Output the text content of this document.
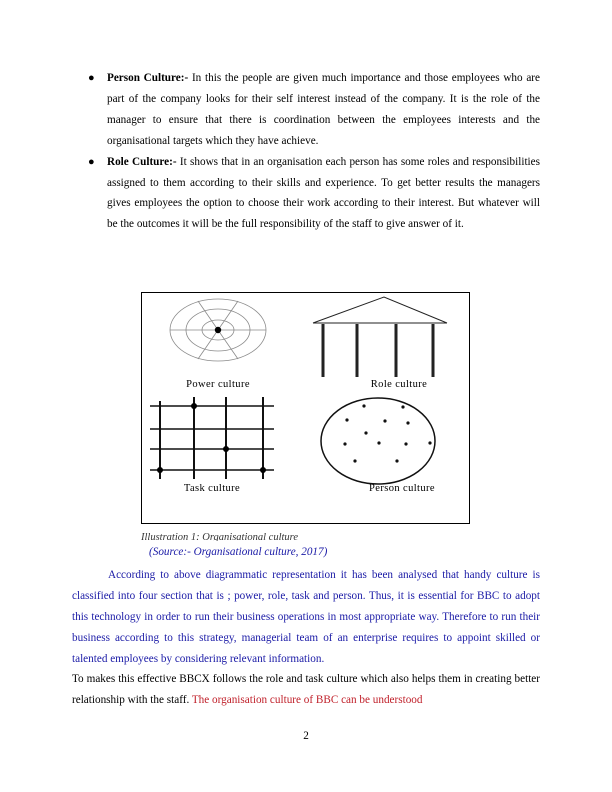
● Person Culture:- In this the people are given much importance and those employees who are part of the company looks for their self interest instead of the company. It is the role of the manager to ensure that there is coordination between the employees interests and the organisational targets which they have achieve.
● Role Culture:- It shows that in an organisation each person has some roles and responsibilities assigned to them according to their skills and experience. To get better results the managers gives employees the option to choose their work according to their interest. But whatever will be the outcomes it will be the full responsibility of the staff to give answer of it.
Power culture	Role culture
Task culture	Person culture
Illustration 1: Organisational culture
(Source:- Organisational culture, 2017)

According to above diagrammatic representation it has been analysed that handy culture is classified into four section that is ; power, role, task and person. Thus, it is essential for BBC to adopt this technology in order to run their business operations in most appropriate way. Therefore to run their business according to this strategy, managerial team of an enterprise requires to appoint skilled or talented employees by considering relevant information.

To makes this effective BBCX follows the role and task culture which also helps them in creating better relationship with the staff. The organisation culture of BBC can be understood

2
